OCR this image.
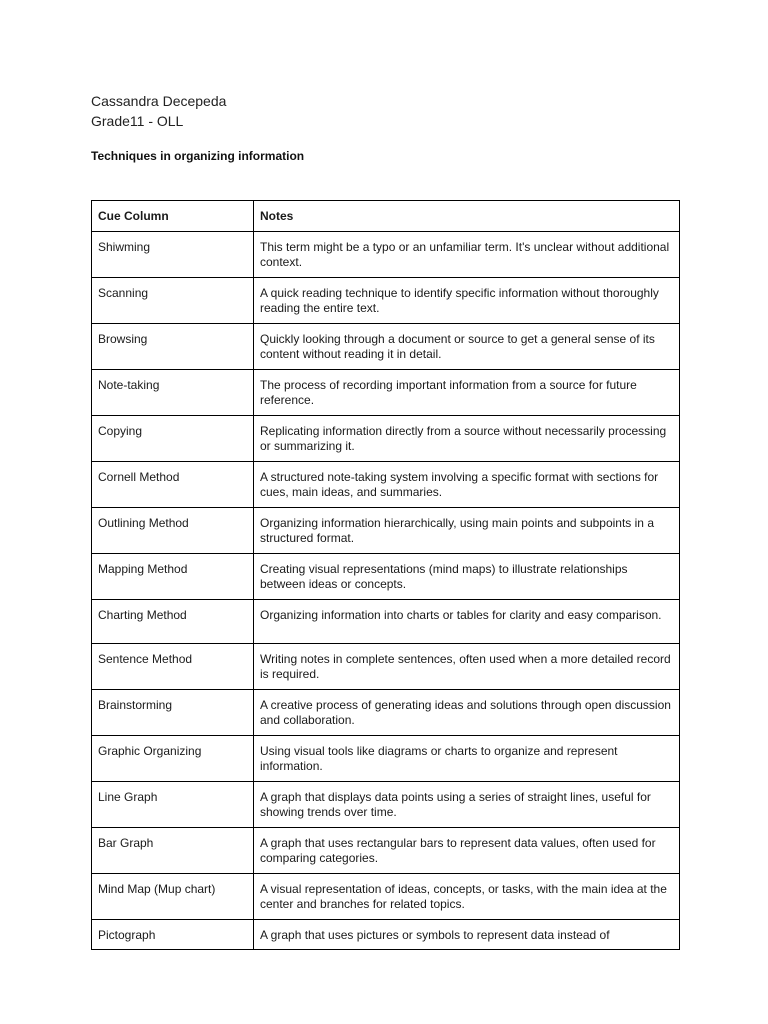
Cassandra Decepeda
Grade11 - OLL
Techniques in organizing information
Cue Column	Notes
Shiwming	This term might be a typo or an unfamiliar term. It's unclear without additional context.
Scanning	A quick reading technique to identify specific information without thoroughly reading the entire text.
Browsing	Quickly looking through a document or source to get a general sense of its content without reading it in detail.
Note-taking	The process of recording important information from a source for future reference.
Copying	Replicating information directly from a source without necessarily processing or summarizing it.
Cornell Method	A structured note-taking system involving a specific format with sections for cues, main ideas, and summaries.
Outlining Method	Organizing information hierarchically, using main points and subpoints in a structured format.
Mapping Method	Creating visual representations (mind maps) to illustrate relationships between ideas or concepts.
Charting Method	Organizing information into charts or tables for clarity and easy comparison.
Sentence Method	Writing notes in complete sentences, often used when a more detailed record is required.
Brainstorming	A creative process of generating ideas and solutions through open discussion and collaboration.
Graphic Organizing	Using visual tools like diagrams or charts to organize and represent information.
Line Graph	A graph that displays data points using a series of straight lines, useful for showing trends over time.
Bar Graph	A graph that uses rectangular bars to represent data values, often used for comparing categories.
Mind Map (Mup chart)	A visual representation of ideas, concepts, or tasks, with the main idea at the center and branches for related topics.
Pictograph	A graph that uses pictures or symbols to represent data instead of
